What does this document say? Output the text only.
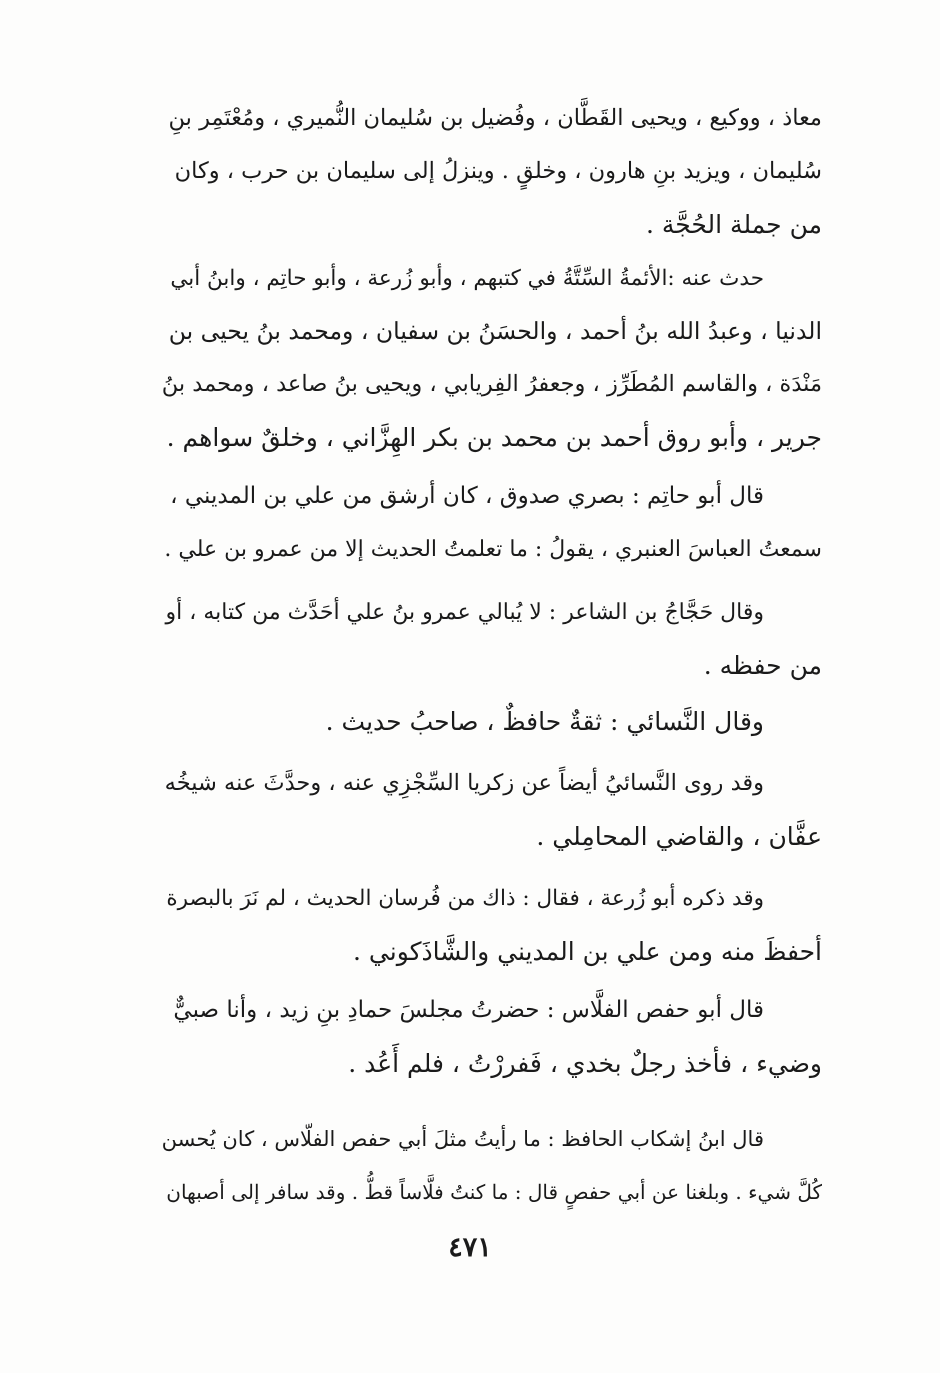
معاذ ، ووكيع ، ويحيى القَطَّان ، وفُضيل بن سُليمان النُّميري ، ومُعْتَمِر بنِ
سُليمان ، ويزيد بنِ هارون ، وخلقٍ . وينزلُ إلى سليمان بن حرب ، وكان
من جملة الحُجَّة .
حدث عنه :الأئمةُ السِّتَّةُ في كتبهم ، وأبو زُرعة ، وأبو حاتِم ، وابنُ أبي
الدنيا ، وعبدُ الله بنُ أحمد ، والحسَنُ بن سفيان ، ومحمد بنُ يحيى بن
مَنْدَة ، والقاسم المُطَرِّز ، وجعفرُ الفِريابي ، ويحيى بنُ صاعد ، ومحمد بنُ
جرير ، وأبو روق أحمد بن محمد بن بكر الهِزَّاني ، وخلقٌ سواهم .
قال أبو حاتِم : بصري صدوق ، كان أرشق من علي بن المديني ،
سمعتُ العباسَ العنبري ، يقولُ : ما تعلمتُ الحديث إلا من عمرو بن علي .
وقال حَجَّاجُ بن الشاعر : لا يُبالي عمرو بنُ علي أحَدَّث من كتابه ، أو
من حفظه .
وقال النَّسائي : ثقةٌ حافظٌ ، صاحبُ حديث .
وقد روى النَّسائيُ أيضاً عن زكريا السِّجْزِي عنه ، وحدَّثَ عنه شيخُه
عفَّان ، والقاضي المحامِلي .
وقد ذكره أبو زُرعة ، فقال : ذاك من فُرسان الحديث ، لم نَرَ بالبصرة
أحفظَ منه ومن علي بن المديني والشَّاذَكوني .
قال أبو حفص الفلَّاس : حضرتُ مجلسَ حمادِ بنِ زيد ، وأنا صبيٌّ
وضيء ، فأخذ رجلٌ بخدي ، فَفررْتُ ، فلم أَعُد .
قال ابنُ إشكاب الحافظ : ما رأيتُ مثلَ أبي حفص الفلّاس ، كان يُحسن
كُلَّ شيء . وبلغنا عن أبي حفصٍ قال : ما كنتُ فلَّاساً قطُّ . وقد سافر إلى أصبهان
٤٧١
